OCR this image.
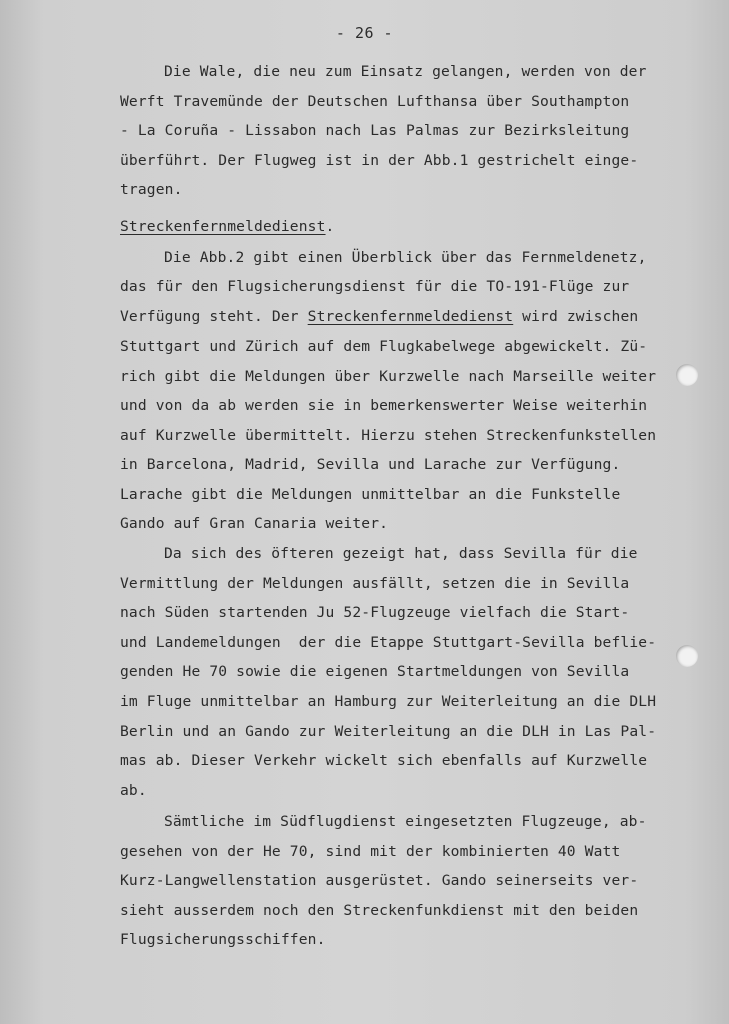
- 26 -
Die Wale, die neu zum Einsatz gelangen, werden von der
Werft Travemünde der Deutschen Lufthansa über Southampton
- La Coruña - Lissabon nach Las Palmas zur Bezirksleitung
überführt. Der Flugweg ist in der Abb.1 gestrichelt einge-
tragen.
Streckenfernmeldedienst.
Die Abb.2 gibt einen Überblick über das Fernmeldenetz,
das für den Flugsicherungsdienst für die TO-191-Flüge zur
Verfügung steht. Der Streckenfernmeldedienst wird zwischen
Stuttgart und Zürich auf dem Flugkabelwege abgewickelt. Zü-
rich gibt die Meldungen über Kurzwelle nach Marseille weiter
und von da ab werden sie in bemerkenswerter Weise weiterhin
auf Kurzwelle übermittelt. Hierzu stehen Streckenfunkstellen
in Barcelona, Madrid, Sevilla und Larache zur Verfügung.
Larache gibt die Meldungen unmittelbar an die Funkstelle
Gando auf Gran Canaria weiter.
Da sich des öfteren gezeigt hat, dass Sevilla für die
Vermittlung der Meldungen ausfällt, setzen die in Sevilla
nach Süden startenden Ju 52-Flugzeuge vielfach die Start-
und Landemeldungen  der die Etappe Stuttgart-Sevilla beflie-
genden He 70 sowie die eigenen Startmeldungen von Sevilla
im Fluge unmittelbar an Hamburg zur Weiterleitung an die DLH
Berlin und an Gando zur Weiterleitung an die DLH in Las Pal-
mas ab. Dieser Verkehr wickelt sich ebenfalls auf Kurzwelle
ab.
Sämtliche im Südflugdienst eingesetzten Flugzeuge, ab-
gesehen von der He 70, sind mit der kombinierten 40 Watt
Kurz-Langwellenstation ausgerüstet. Gando seinerseits ver-
sieht ausserdem noch den Streckenfunkdienst mit den beiden
Flugsicherungsschiffen.
